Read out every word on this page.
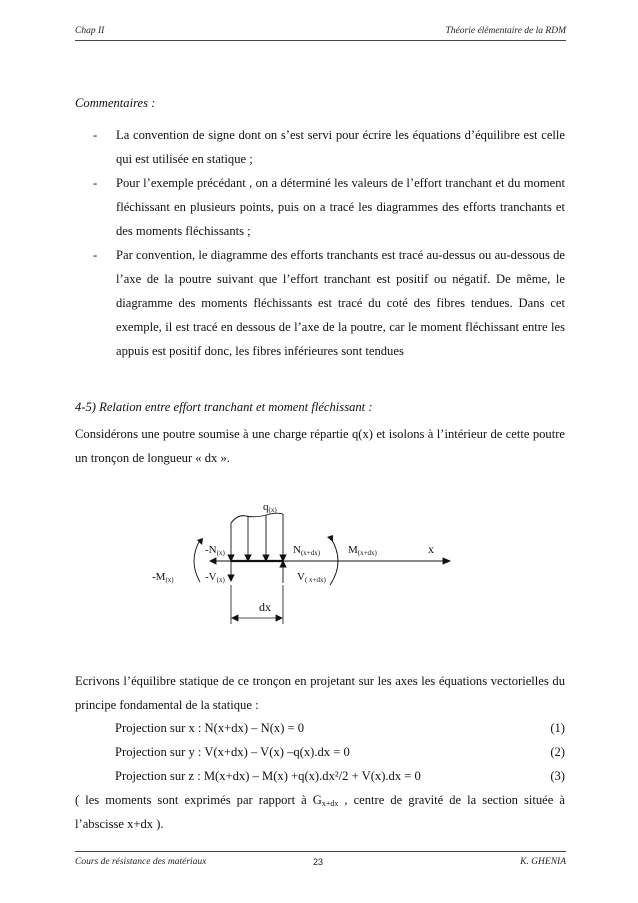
Chap II	Théorie élémentaire de la RDM
Commentaires :
- La convention de signe dont on s’est servi pour écrire les équations d’équilibre est celle qui est utilisée en statique ;
- Pour l’exemple précédant , on a déterminé les valeurs de l’effort tranchant et du moment fléchissant en plusieurs points, puis on a tracé les diagrammes des efforts tranchants et des moments fléchissants ;
- Par convention, le diagramme des efforts tranchants est tracé au-dessus ou au-dessous de l’axe de la poutre suivant que l’effort tranchant est positif ou négatif. De même, le diagramme des moments fléchissants est tracé du coté des fibres tendues. Dans cet exemple, il est tracé en dessous de l’axe de la poutre, car le moment fléchissant entre les appuis est positif donc, les fibres inférieures sont tendues
4-5) Relation entre effort tranchant et moment fléchissant :
Considérons une poutre soumise à une charge répartie q(x) et isolons à l’intérieur de cette poutre un tronçon de longueur « dx ».
q(x)
-N(x)	N(x+dx)	M(x+dx)	x
-M(x)	-V(x)	V( x+dx)
dx
Ecrivons l’équilibre statique de ce tronçon en projetant sur les axes les équations vectorielles du principe fondamental de la statique :
Projection sur x : N(x+dx) – N(x) = 0	(1)
Projection sur y : V(x+dx) – V(x) –q(x).dx = 0	(2)
Projection sur z : M(x+dx) – M(x) +q(x).dx²/2 + V(x).dx = 0	(3)
( les moments sont exprimés par rapport à $G_{x+dx}$ , centre de gravité de la section située à l’abscisse x+dx ).
Cours de résistance des matériaux	23	K. GHENIA
